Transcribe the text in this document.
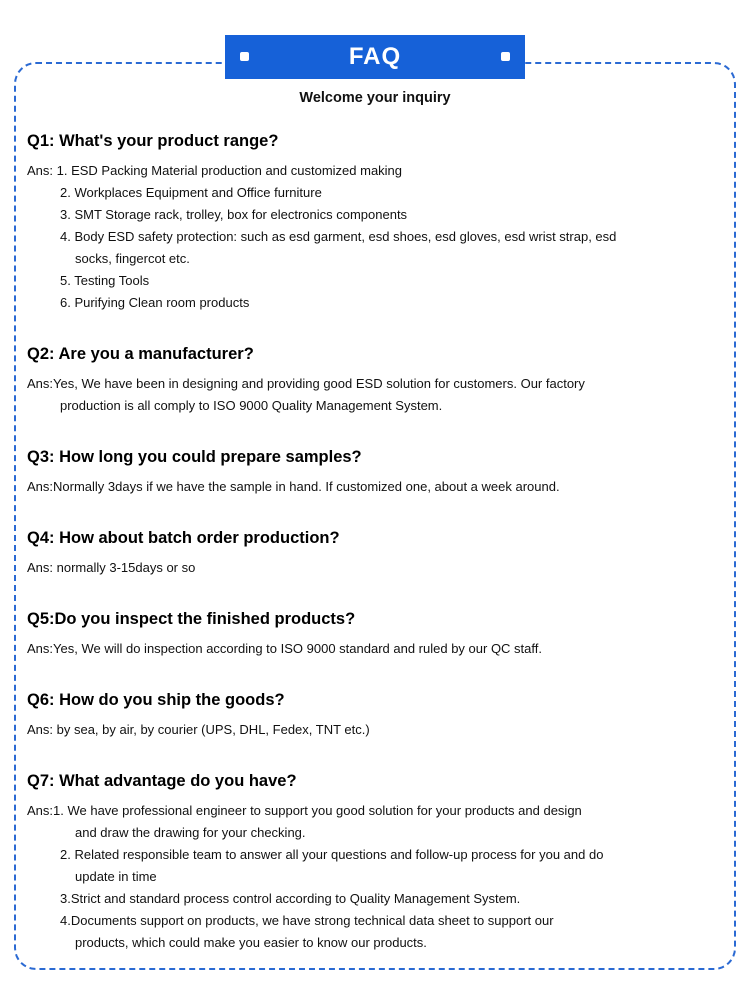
FAQ
Welcome your inquiry
Q1: What's your product range?
Ans: 1. ESD Packing Material production and customized making
2. Workplaces Equipment and Office furniture
3. SMT Storage rack, trolley, box for electronics components
4. Body ESD safety protection: such as esd garment, esd shoes, esd gloves, esd wrist strap, esd
socks, fingercot etc.
5. Testing Tools
6. Purifying Clean room products
Q2: Are you a manufacturer?
Ans:Yes, We have been in designing and providing good ESD solution for customers. Our factory
production is all comply to ISO 9000 Quality Management System.
Q3: How long you could prepare samples?
Ans:Normally 3days if we have the sample in hand. If customized one, about a week around.
Q4: How about batch order production?
Ans: normally 3-15days or so
Q5:Do you inspect the finished products?
Ans:Yes, We will do inspection according to ISO 9000 standard and ruled by our QC staff.
Q6: How do you ship the goods?
Ans: by sea, by air, by courier (UPS, DHL, Fedex, TNT etc.)
Q7: What advantage do you have?
Ans:1. We have professional engineer to support you good solution for your products and design
and draw the drawing for your checking.
2. Related responsible team to answer all your questions and follow-up process for you and do
update in time
3.Strict and standard process control according to Quality Management System.
4.Documents support on products, we have strong technical data sheet to support our
products, which could make you easier to know our products.
